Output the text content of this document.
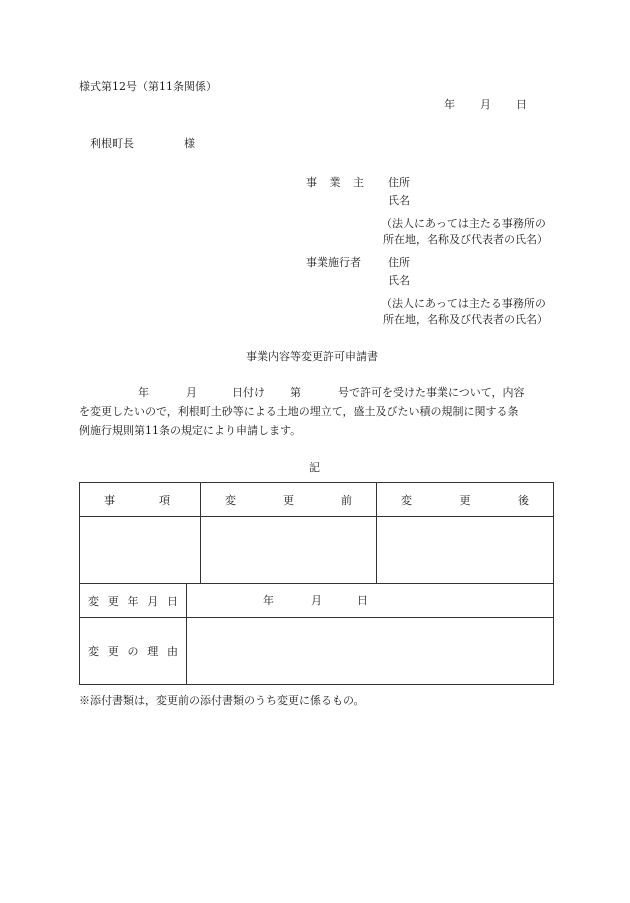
様式第12号（第11条関係）
年 月 日
利根町長	様
事 業 主 住所
氏名
（法人にあっては主たる事務所の
所在地，名称及び代表者の氏名）
事業施行者 住所
氏名
（法人にあっては主たる事務所の
所在地，名称及び代表者の氏名）
事業内容等変更許可申請書
年	月	日付け 第	号で許可を受けた事業について，内容
を変更したいので，利根町土砂等による土地の埋立て，盛土及びたい積の規制に関する条
例施行規則第11条の規定により申請します。
記
事 項		変 更 前	変 更 後

変 更 年 月 日	年 月 日		

変 更 の 理 由			

※添付書類は，変更前の添付書類のうち変更に係るもの。
